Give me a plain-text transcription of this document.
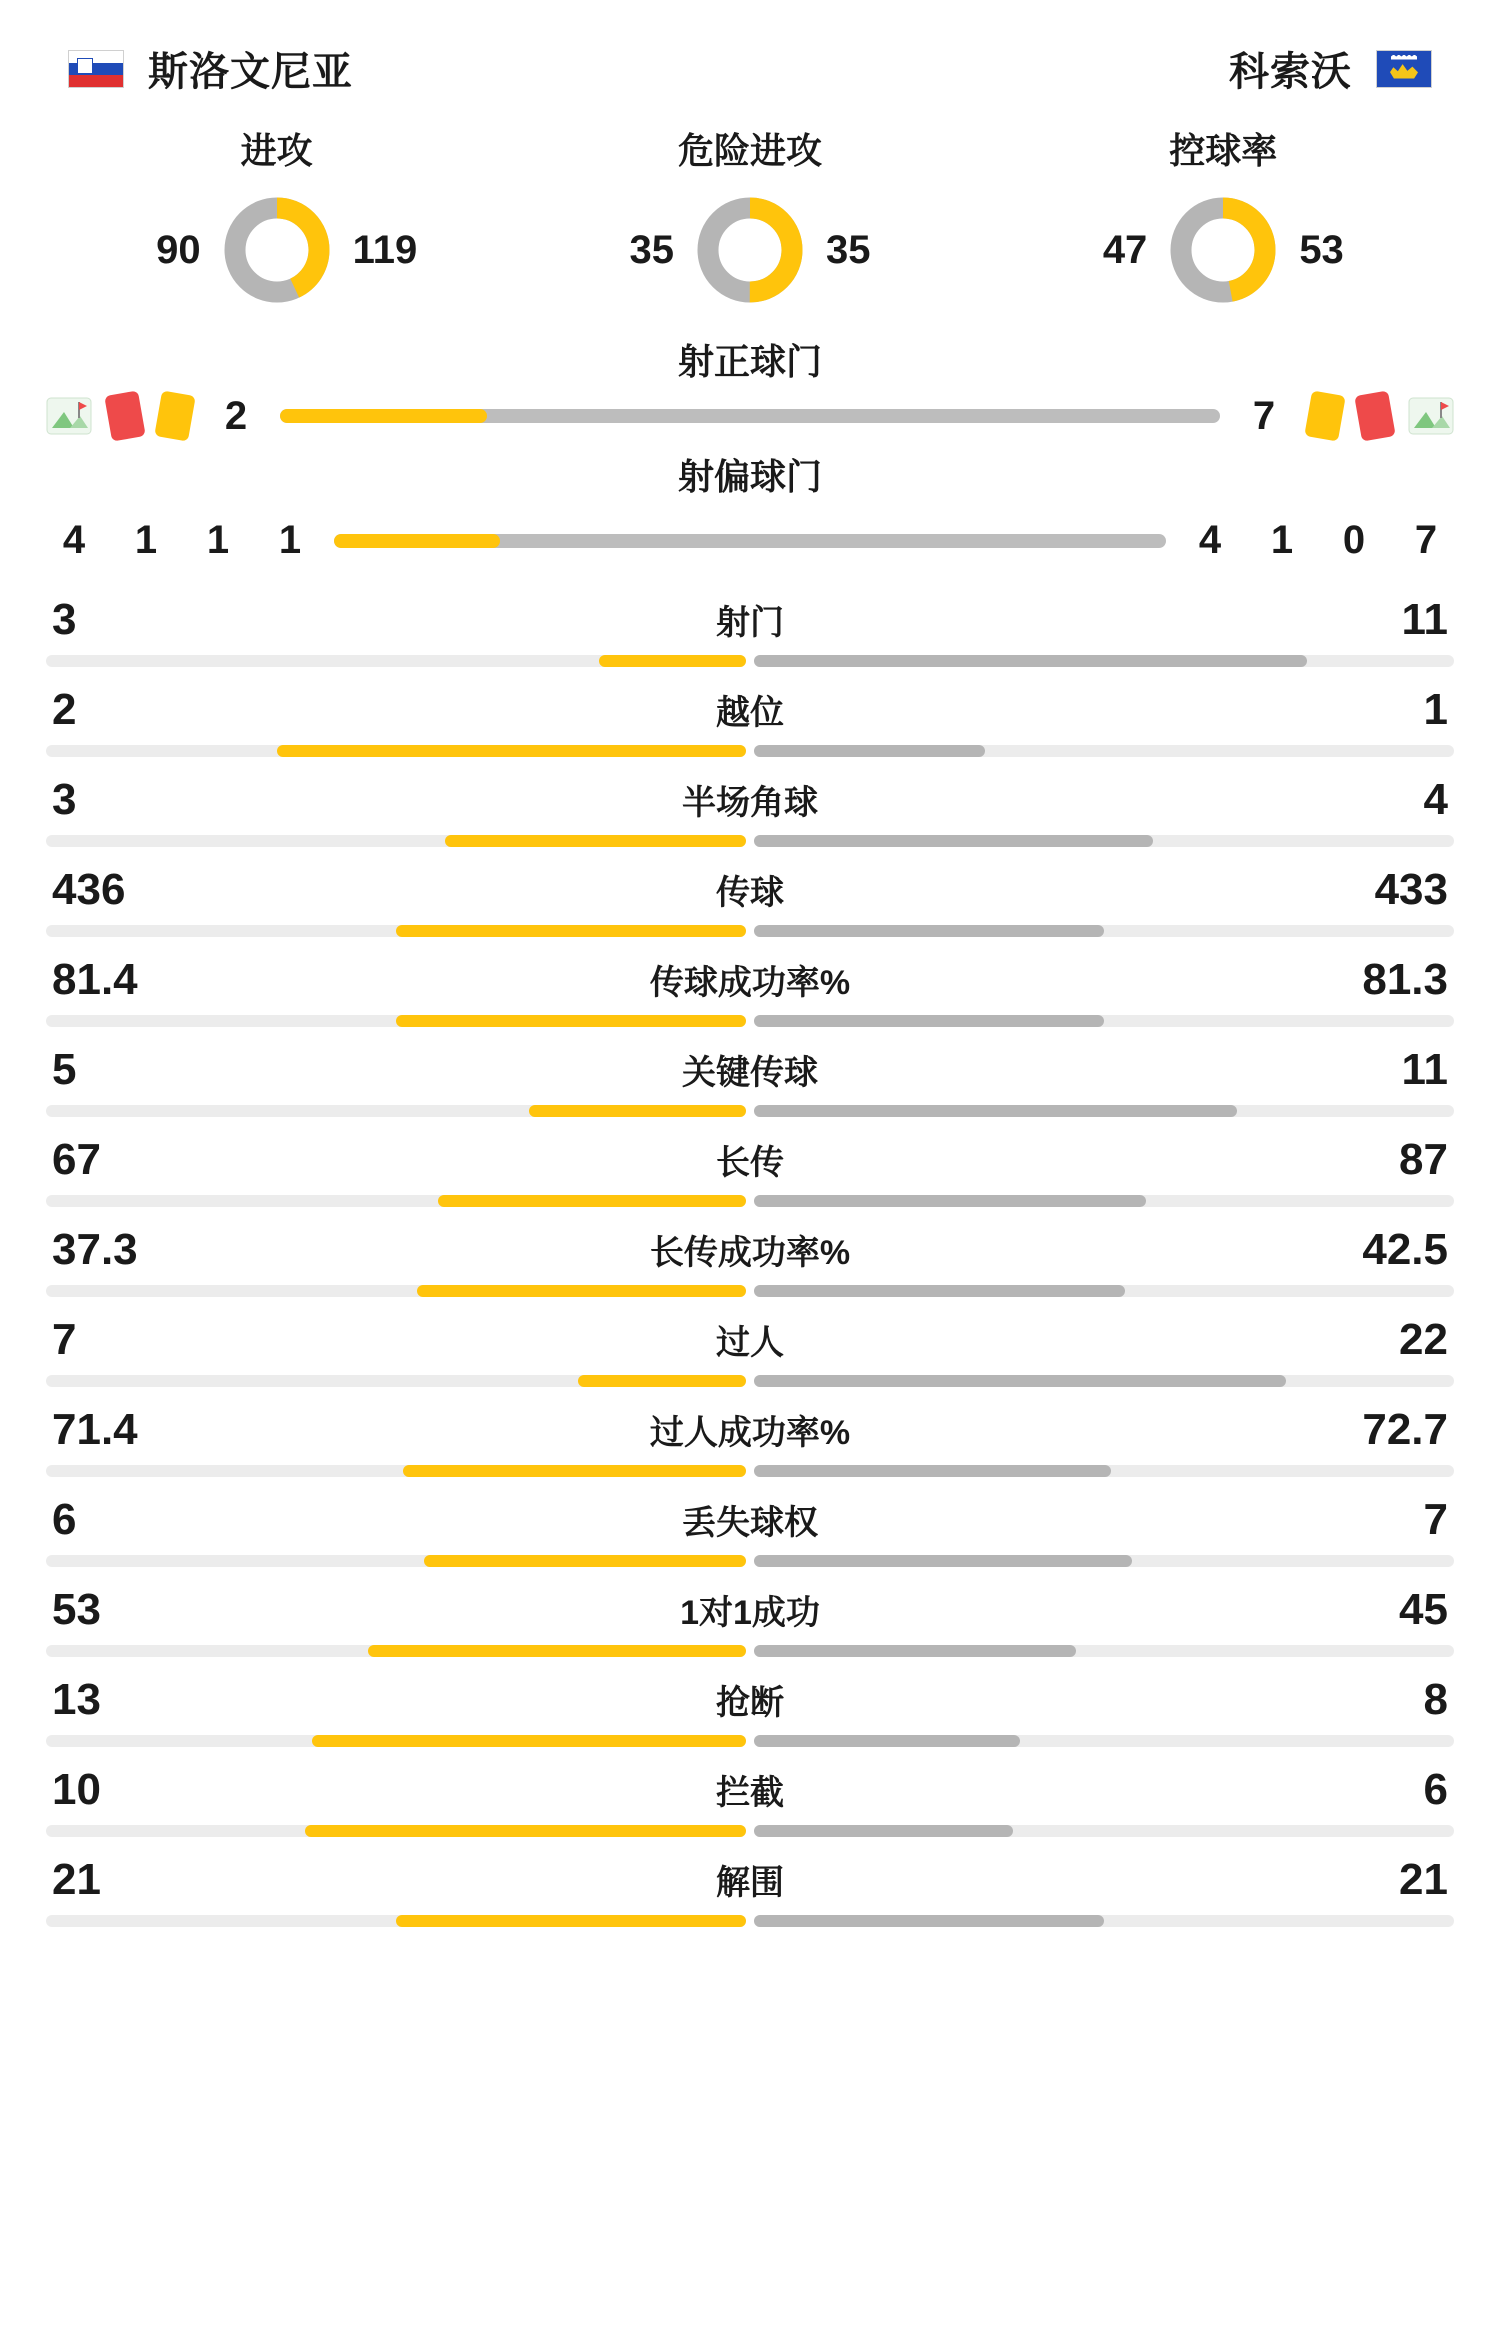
斯洛文尼亚	科索沃
进攻
90	119
危险进攻
35	35
控球率
47	53
射正球门
2	7
射偏球门
4	1	1	1	4	1	0	7
3	射门	11
2	越位	1
3	半场角球	4
436	传球	433
81.4	传球成功率%	81.3
5	关键传球	11
67	长传	87
37.3	长传成功率%	42.5
7	过人	22
71.4	过人成功率%	72.7
6	丢失球权	7
53	1对1成功	45
13	抢断	8
10	拦截	6
21	解围	21
